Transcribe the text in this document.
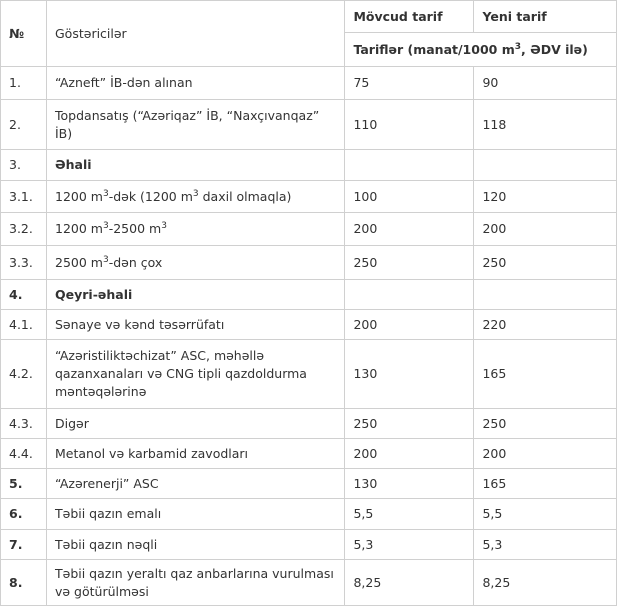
№	Göstəricilər	Mövcud tarif	Yeni tarif
		Tariflər (manat/1000 $m^3$, ƏDV ilə)	
1.	“Azneft” İB-dən alınan	75	90
2.	Topdansatış (“Azəriqaz” İB, “Naxçıvanqaz” İB)	110	118
3.	Əhali		
3.1.	1200 $m^3$-dək (1200 $m^3$ daxil olmaqla)	100	120
3.2.	1200 $m^3-2500$ $m^3$	200	200
3.3.	2500 $m^3$-dən çox	250	250
4.	Qeyri-əhali		
4.1.	Sənaye və kənd təsərrüfatı	200	220
4.2.	“Azəristiliktəchizat” ASC, məhəllə qazanxanaları və CNG tipli qazdoldurma məntəqələrinə	130	165
4.3.	Digər	250	250
4.4.	Metanol və karbamid zavodları	200	200
5.	“Azərenerji” ASC	130	165
6.	Təbii qazın emalı	5,5	5,5
7.	Təbii qazın nəqli	5,3	5,3
8.	Təbii qazın yeraltı qaz anbarlarına vurulması və götürülməsi	8,25	8,25
